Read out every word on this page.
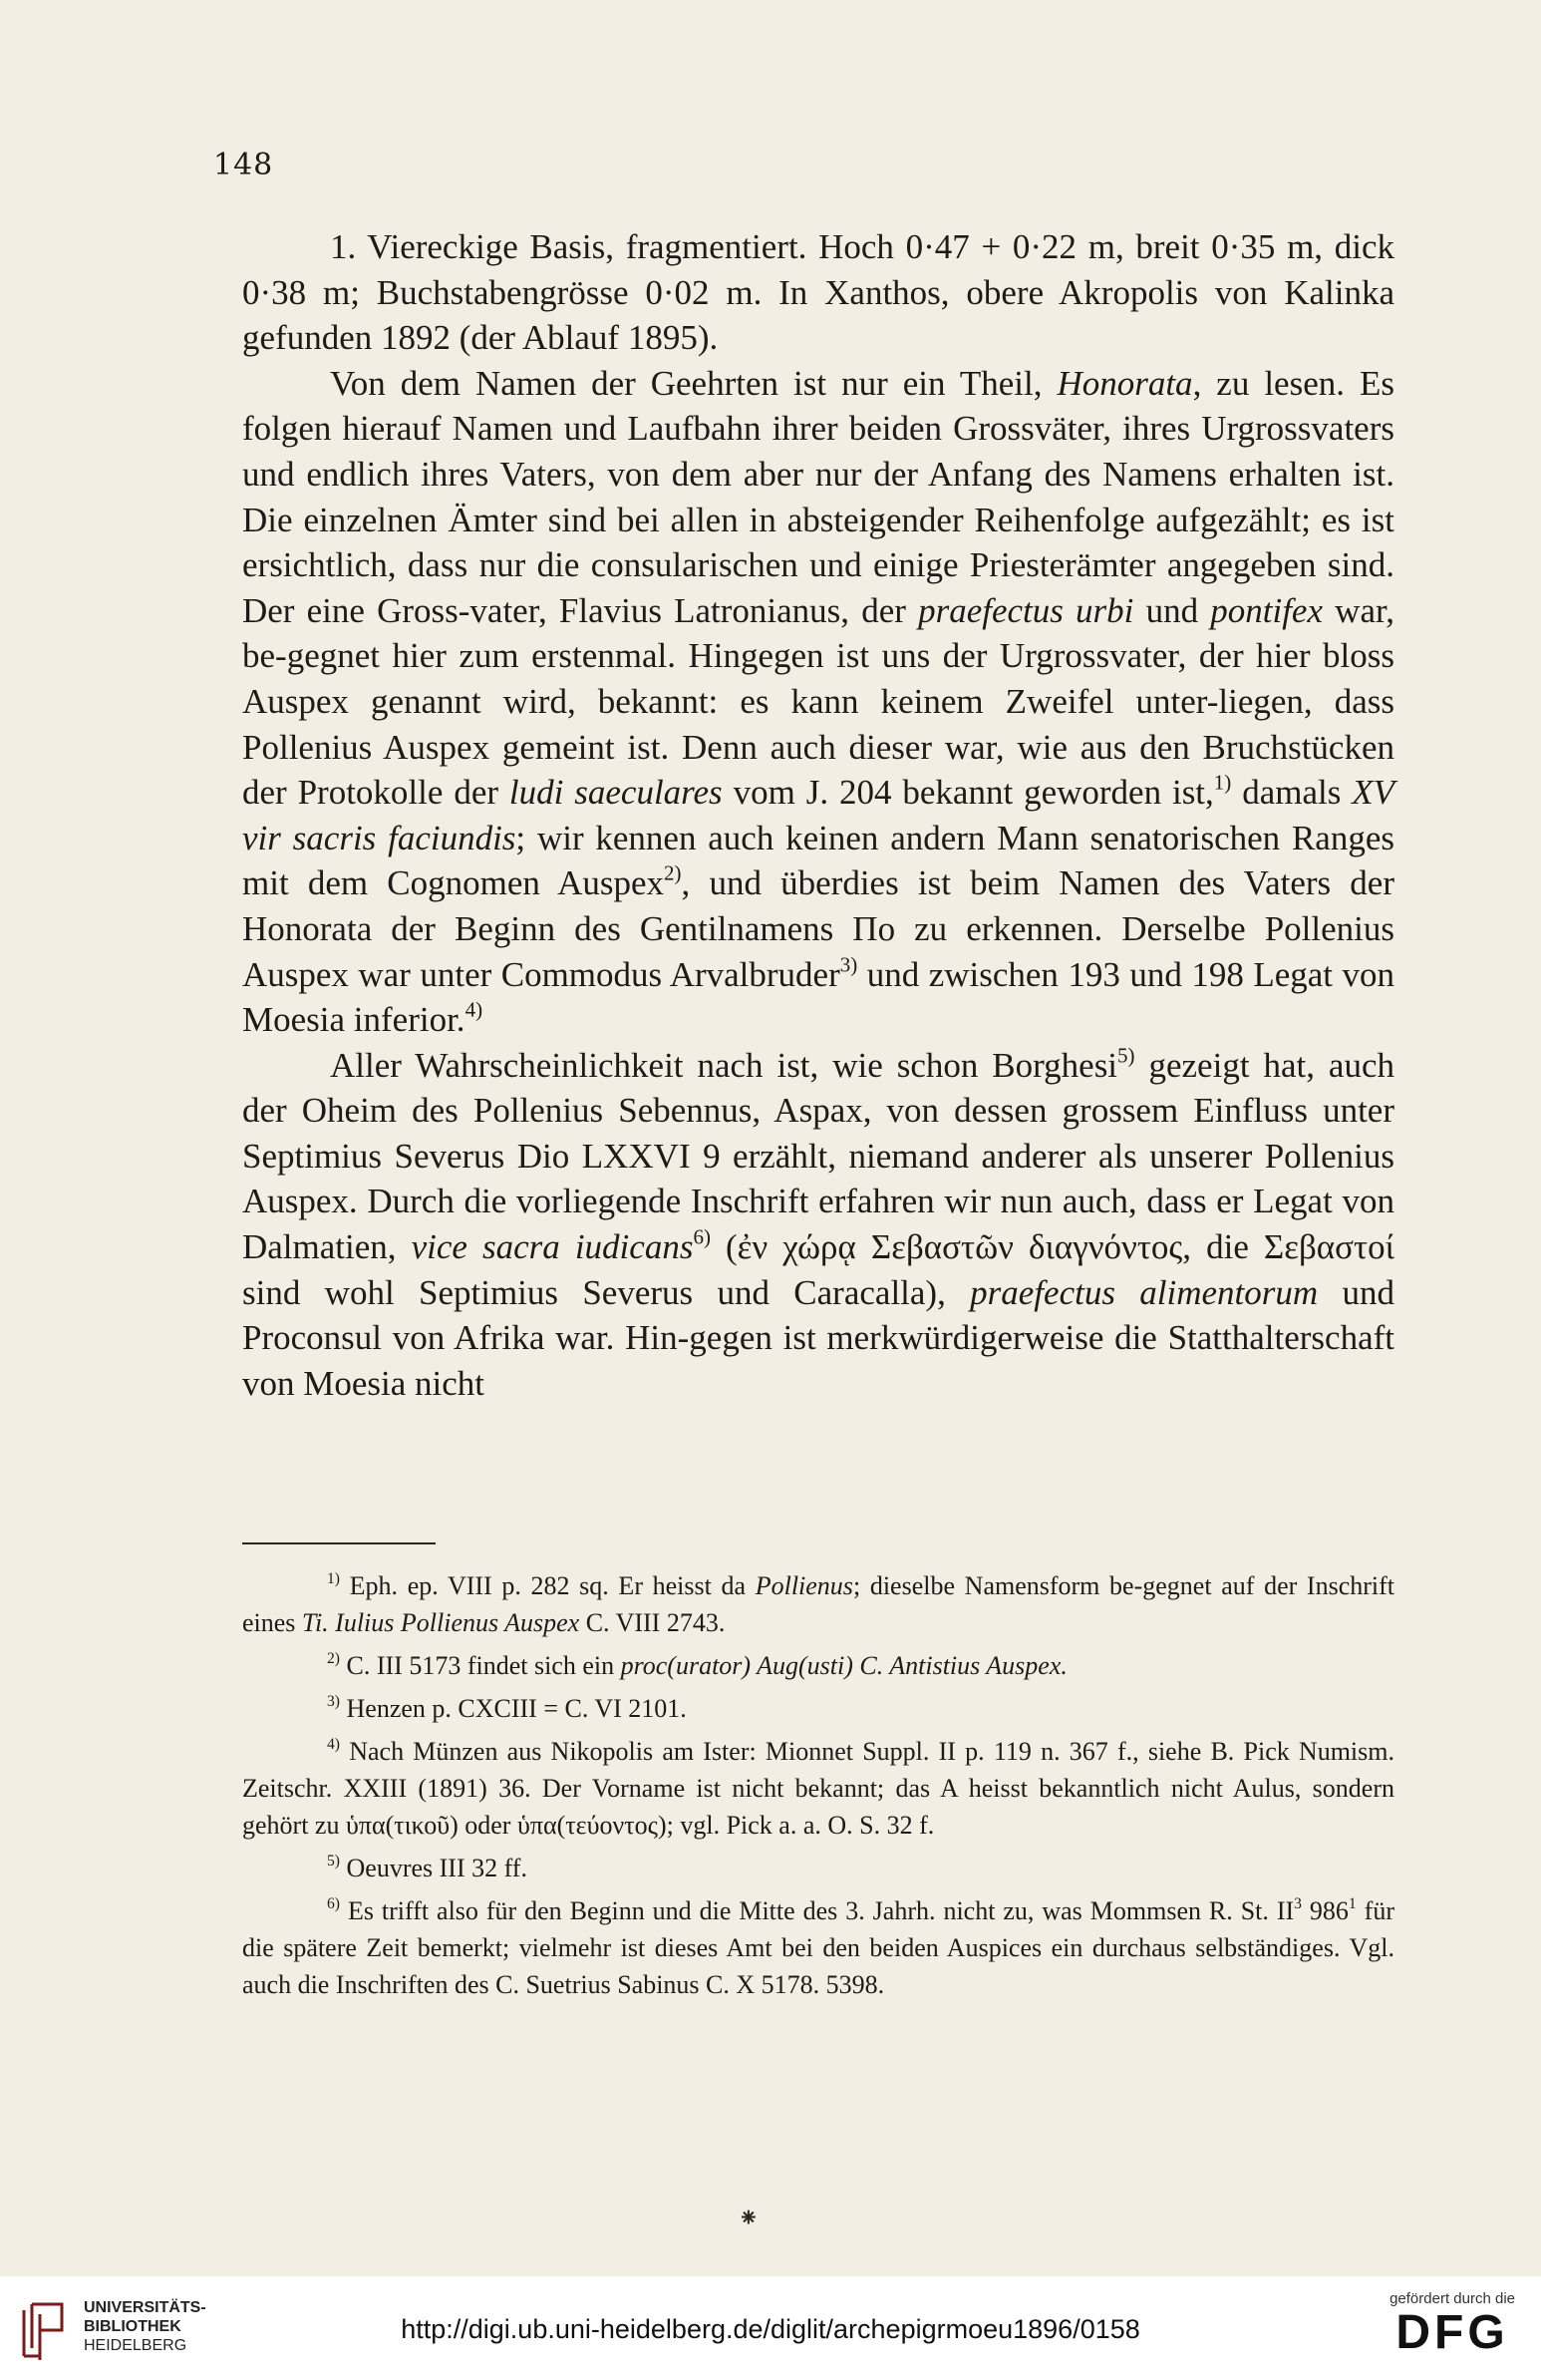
148

1. Viereckige Basis, fragmentiert. Hoch 0·47 + 0·22 m, breit 0·35 m, dick 0·38 m; Buchstabengrösse 0·02 m. In Xanthos, obere Akropolis von Kalinka gefunden 1892 (der Ablauf 1895).

Von dem Namen der Geehrten ist nur ein Theil, Honorata, zu lesen. Es folgen hierauf Namen und Laufbahn ihrer beiden Grossväter, ihres Urgrossvaters und endlich ihres Vaters, von dem aber nur der Anfang des Namens erhalten ist. Die einzelnen Ämter sind bei allen in absteigender Reihenfolge aufgezählt; es ist ersichtlich, dass nur die consularischen und einige Priesterämter angegeben sind. Der eine Gross-vater, Flavius Latronianus, der praefectus urbi und pontifex war, be-gegnet hier zum erstenmal. Hingegen ist uns der Urgrossvater, der hier bloss Auspex genannt wird, bekannt: es kann keinem Zweifel unter-liegen, dass Pollenius Auspex gemeint ist. Denn auch dieser war, wie aus den Bruchstücken der Protokolle der ludi saeculares vom J. 204 bekannt geworden ist,$^{1)}$ damals XV vir sacris faciundis; wir kennen auch keinen andern Mann senatorischen Ranges mit dem Cognomen Auspex$^{2)}$, und überdies ist beim Namen des Vaters der Honorata der Beginn des Gentilnamens Πο zu erkennen. Derselbe Pollenius Auspex war unter Commodus Arvalbruder$^{3)}$ und zwischen 193 und 198 Legat von Moesia inferior.$^{4)}$

Aller Wahrscheinlichkeit nach ist, wie schon Borghesi$^{5)}$ gezeigt hat, auch der Oheim des Pollenius Sebennus, Aspax, von dessen grossem Einfluss unter Septimius Severus Dio LXXVI 9 erzählt, niemand anderer als unserer Pollenius Auspex. Durch die vorliegende Inschrift erfahren wir nun auch, dass er Legat von Dalmatien, vice sacra iudicans$^{6)}$ (ἐν χώρᾳ Σεβαστῶν διαγνόντος, die Σεβαστοί sind wohl Septimius Severus und Caracalla), praefectus alimentorum und Proconsul von Afrika war. Hin-gegen ist merkwürdigerweise die Statthalterschaft von Moesia nicht

$^{1)}$ Eph. ep. VIII p. 282 sq. Er heisst da Pollienus; dieselbe Namensform be-gegnet auf der Inschrift eines Ti. Iulius Pollienus Auspex C. VIII 2743.

$^{2)}$ C. III 5173 findet sich ein proc(urator) Aug(usti) C. Antistius Auspex.

$^{3)}$ Henzen p. CXCIII = C. VI 2101.

$^{4)}$ Nach Münzen aus Nikopolis am Ister: Mionnet Suppl. II p. 119 n. 367 f., siehe B. Pick Numism. Zeitschr. XXIII (1891) 36. Der Vorname ist nicht bekannt; das A heisst bekanntlich nicht Aulus, sondern gehört zu ὑπα(τικοῦ) oder ὑπα(τεύοντος); vgl. Pick a. a. O. S. 32 f.

$^{5)}$ Oeuvres III 32 ff.

$^{6)}$ Es trifft also für den Beginn und die Mitte des 3. Jahrh. nicht zu, was Mommsen R. St. $II^3$ $986^1$ für die spätere Zeit bemerkt; vielmehr ist dieses Amt bei den beiden Auspices ein durchaus selbständiges. Vgl. auch die Inschriften des C. Suetrius Sabinus C. X 5178. 5398.

⁕
UNIVERSITÄTS-
BIBLIOTHEK
HEIDELBERG
http://digi.ub.uni-heidelberg.de/diglit/archepigrmoeu1896/0158
gefördert durch die
DFG
